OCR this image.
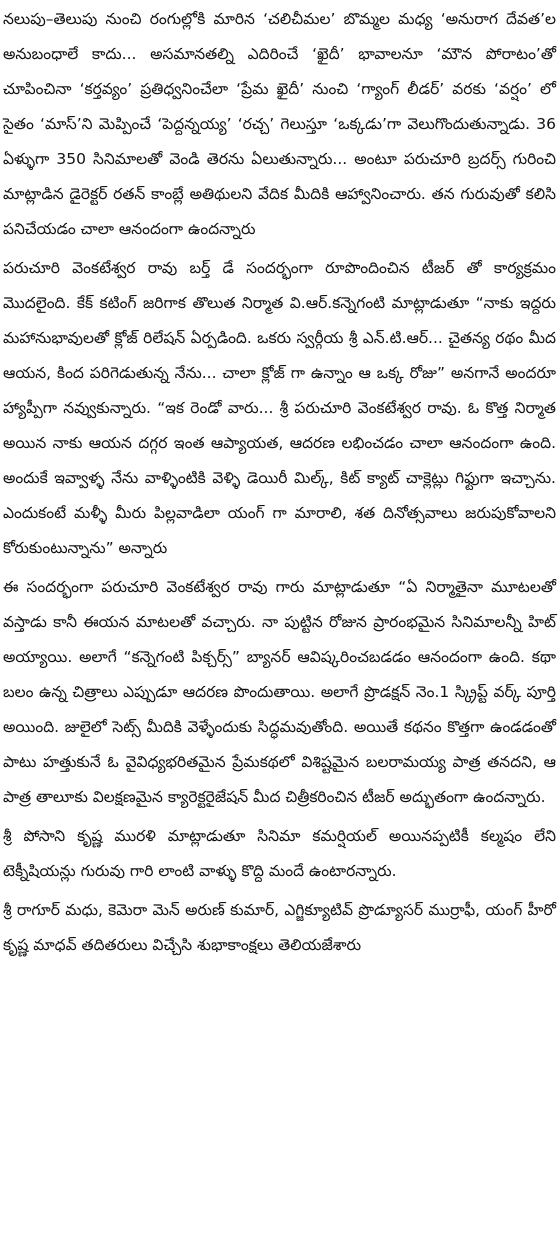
నలుపు–తెలుపు నుంచి రంగుల్లోకి మారిన ‘చలిచీమల’ బొమ్మల మధ్య ‘అనురాగ దేవత’ల అనుబంధాలే కాదు... అసమానతల్ని ఎదిరించే ‘ఖైదీ’ భావాలనూ ‘మౌన పోరాటం’తో చూపించినా ‘కర్తవ్యం’ ప్రతిధ్వనించేలా ‘ప్రేమ ఖైదీ’ నుంచి ‘గ్యాంగ్ లీడర్’ వరకు ‘వర్షం’ లో సైతం ‘మాస్’ని మెప్పించే ‘పెద్దన్నయ్య’ ‘రచ్చ’ గెలుస్తూ ‘ఒక్కడు’గా వెలుగొందుతున్నాడు. 36 ఏళ్ళుగా 350 సినిమాలతో వెండి తెరను ఏలుతున్నారు... అంటూ పరుచూరి బ్రదర్స్ గురించి మాట్లాడిన డైరెక్టర్ రతన్ కాంబ్లే అతిథులని వేదిక మీదికి ఆహ్వానించారు. తన గురువుతో కలిసి పనిచేయడం చాలా ఆనందంగా ఉందన్నారు

పరుచూరి వెంకటేశ్వర రావు బర్త్ డే సందర్భంగా రూపొందించిన టీజర్ తో కార్యక్రమం మొదలైంది. కేక్ కటింగ్ జరిగాక తొలుత నిర్మాత వి.ఆర్.కన్నెగంటి మాట్లాడుతూ “నాకు ఇద్దరు మహానుభావులతో క్లోజ్ రిలేషన్ ఏర్పడింది. ఒకరు స్వర్గీయ శ్రీ ఎన్.టి.ఆర్... చైతన్య రథం మీద ఆయన, కింద పరిగెడుతున్న నేను... చాలా క్లోజ్ గా ఉన్నాం ఆ ఒక్క రోజు” అనగానే అందరూ హ్యాప్పీగా నవ్వుకున్నారు. “ఇక రెండో వారు... శ్రీ పరుచూరి వెంకటేశ్వర రావు. ఓ కొత్త నిర్మాత అయిన నాకు ఆయన దగ్గర ఇంత ఆప్యాయత, ఆదరణ లభించడం చాలా ఆనందంగా ఉంది. అందుకే ఇవ్వాళ్ళ నేను వాళ్ళింటికి వెళ్ళి డెయిరీ మిల్క్, కిట్ క్యాట్ చాక్లెట్లు గిఫ్టుగా ఇచ్చాను. ఎందుకంటే మళ్ళీ మీరు పిల్లవాడిలా యంగ్ గా మారాలి, శత దినోత్సవాలు జరుపుకోవాలని కోరుకుంటున్నాను” అన్నారు

ఈ సందర్భంగా పరుచూరి వెంకటేశ్వర రావు గారు మాట్లాడుతూ “ఏ నిర్మాతైనా మూటలతో వస్తాడు కానీ ఈయన మాటలతో వచ్చారు. నా పుట్టిన రోజున ప్రారంభమైన సినిమాలన్నీ హిట్ అయ్యాయి. అలాగే “కన్నెగంటి పిక్చర్స్” బ్యానర్ ఆవిష్కరించబడడం ఆనందంగా ఉంది. కథా బలం ఉన్న చిత్రాలు ఎప్పుడూ ఆదరణ పొందుతాయి. అలాగే ప్రొడక్షన్ నెం.1 స్క్రిప్ట్ వర్క్ పూర్తి అయింది. జులైలో సెట్స్ మీదికి వెళ్ళేందుకు సిద్ధమవుతోంది. అయితే కథనం కొత్తగా ఉండడంతో పాటు హత్తుకునే ఓ వైవిధ్యభరితమైన ప్రేమకథలో విశిష్టమైన బలరామయ్య పాత్ర తనదని, ఆ పాత్ర తాలూకు విలక్షణమైన క్యారెక్టరైజేషన్ మీద చిత్రీకరించిన టీజర్ అద్భుతంగా ఉందన్నారు.

శ్రీ పోసాని కృష్ణ మురళి మాట్లాడుతూ సినిమా కమర్షియల్ అయినప్పటికీ కల్మషం లేని టెక్నీషియన్లు గురువు గారి లాంటి వాళ్ళు కొద్ది మందే ఉంటారన్నారు.

శ్రీ రాగూర్ మధు, కెమెరా మెన్ అరుణ్ కుమార్, ఎగ్జిక్యూటివ్ ప్రొడ్యూసర్ ముర్రాఫీ, యంగ్ హీరో కృష్ణ మాధవ్ తదితరులు విచ్చేసి శుభాకాంక్షలు తెలియజేశారు
